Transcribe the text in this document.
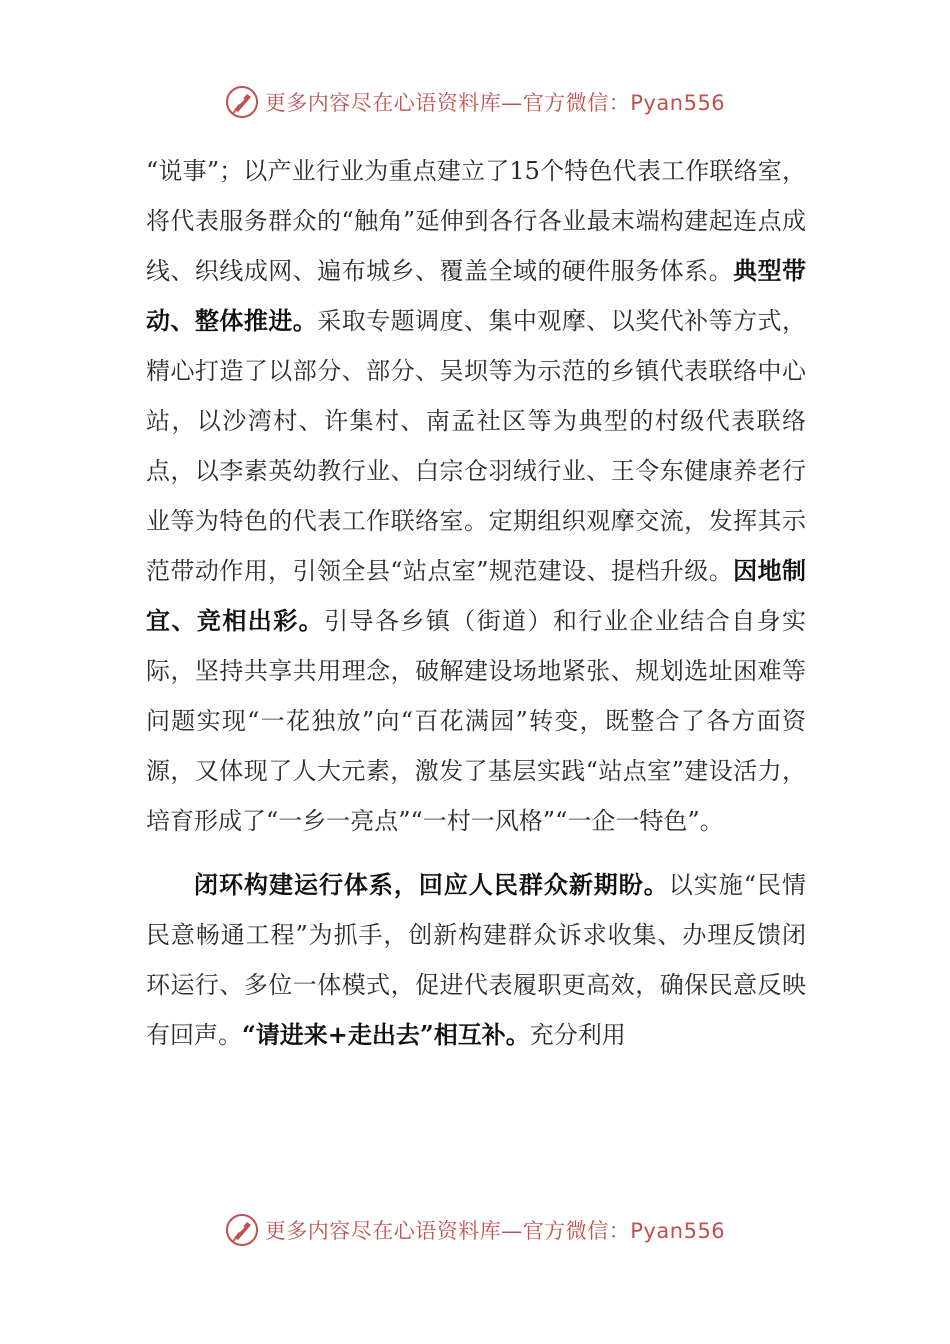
更多内容尽在心语资料库—官方微信：Pyan556

“说事”；以产业行业为重点建立了15个特色代表工作联络室，将代表服务群众的“触角”延伸到各行各业最末端构建起连点成线、织线成网、遍布城乡、覆盖全域的硬件服务体系。典型带动、整体推进。采取专题调度、集中观摩、以奖代补等方式，精心打造了以部分、部分、吴坝等为示范的乡镇代表联络中心站，以沙湾村、许集村、南孟社区等为典型的村级代表联络点，以李素英幼教行业、白宗仓羽绒行业、王令东健康养老行业等为特色的代表工作联络室。定期组织观摩交流，发挥其示范带动作用，引领全县“站点室”规范建设、提档升级。因地制宜、竞相出彩。引导各乡镇（街道）和行业企业结合自身实际，坚持共享共用理念，破解建设场地紧张、规划选址困难等问题实现“一花独放”向“百花满园”转变，既整合了各方面资源，又体现了人大元素，激发了基层实践“站点室”建设活力，培育形成了“一乡一亮点”“一村一风格”“一企一特色”。

闭环构建运行体系，回应人民群众新期盼。以实施“民情民意畅通工程”为抓手，创新构建群众诉求收集、办理反馈闭环运行、多位一体模式，促进代表履职更高效，确保民意反映有回声。“请进来+走出去”相互补。充分利用

更多内容尽在心语资料库—官方微信：Pyan556
